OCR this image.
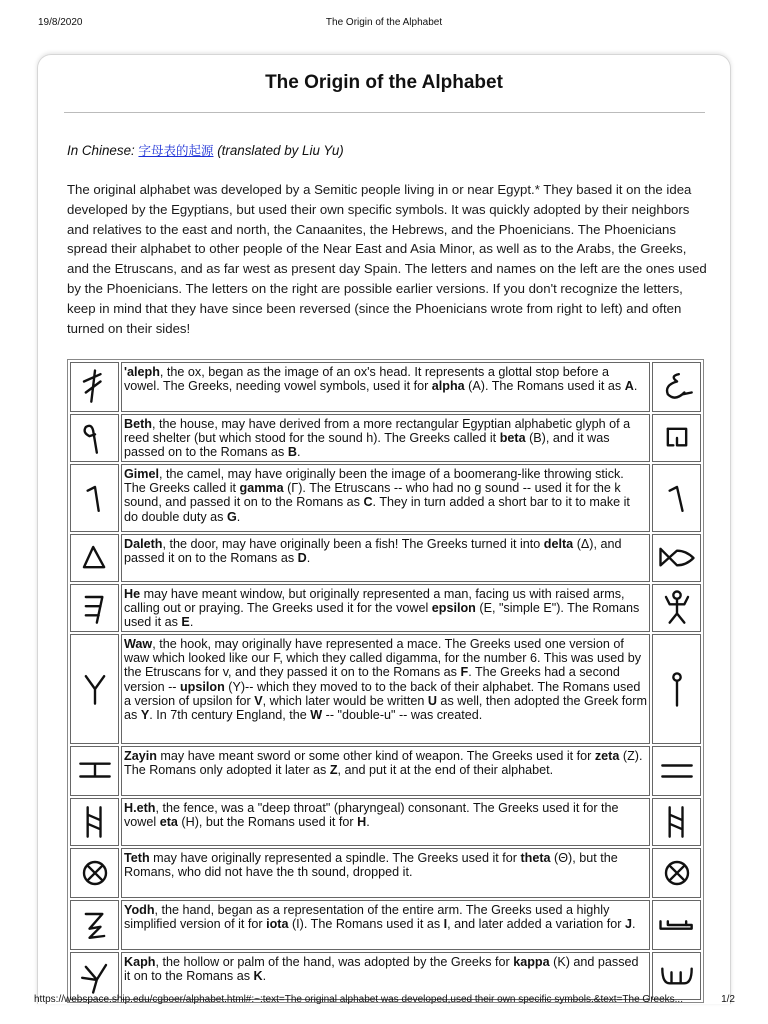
19/8/2020	The Origin of the Alphabet
The Origin of the Alphabet

In Chinese: 字母表的起源 (translated by Liu Yu)

The original alphabet was developed by a Semitic people living in or near Egypt.* They based it on the idea developed by the Egyptians, but used their own specific symbols. It was quickly adopted by their neighbors and relatives to the east and north, the Canaanites, the Hebrews, and the Phoenicians. The Phoenicians spread their alphabet to other people of the Near East and Asia Minor, as well as to the Arabs, the Greeks, and the Etruscans, and as far west as present day Spain. The letters and names on the left are the ones used by the Phoenicians. The letters on the right are possible earlier versions. If you don't recognize the letters, keep in mind that they have since been reversed (since the Phoenicians wrote from right to left) and often turned on their sides!

	'aleph, the ox, began as the image of an ox's head. It represents a glottal stop before a vowel. The Greeks, needing vowel symbols, used it for alpha (A). The Romans used it as A.	

	Beth, the house, may have derived from a more rectangular Egyptian alphabetic glyph of a reed shelter (but which stood for the sound h). The Greeks called it beta (B), and it was passed on to the Romans as B.	

	Gimel, the camel, may have originally been the image of a boomerang-like throwing stick. The Greeks called it gamma (Γ). The Etruscans -- who had no g sound -- used it for the k sound, and passed it on to the Romans as C. They in turn added a short bar to it to make it do double duty as G.	

	Daleth, the door, may have originally been a fish! The Greeks turned it into delta (Δ), and passed it on to the Romans as D.	

	He may have meant window, but originally represented a man, facing us with raised arms, calling out or praying. The Greeks used it for the vowel epsilon (E, "simple E"). The Romans used it as E.	

	Waw, the hook, may originally have represented a mace. The Greeks used one version of waw which looked like our F, which they called digamma, for the number 6. This was used by the Etruscans for v, and they passed it on to the Romans as F. The Greeks had a second version -- upsilon (Y)-- which they moved to to the back of their alphabet. The Romans used a version of upsilon for V, which later would be written U as well, then adopted the Greek form as Y. In 7th century England, the W -- "double-u" -- was created.	

	Zayin may have meant sword or some other kind of weapon. The Greeks used it for zeta (Z). The Romans only adopted it later as Z, and put it at the end of their alphabet.	

	H.eth, the fence, was a "deep throat" (pharyngeal) consonant. The Greeks used it for the vowel eta (H), but the Romans used it for H.	

	Teth may have originally represented a spindle. The Greeks used it for theta (Θ), but the Romans, who did not have the th sound, dropped it.	

	Yodh, the hand, began as a representation of the entire arm. The Greeks used a highly simplified version of it for iota (I). The Romans used it as I, and later added a variation for J.	

	Kaph, the hollow or palm of the hand, was adopted by the Greeks for kappa (K) and passed it on to the Romans as K.	
https://webspace.ship.edu/cgboer/alphabet.html#:~:text=The original alphabet was developed,used their own specific symbols.&text=The Greeks...	1/2
